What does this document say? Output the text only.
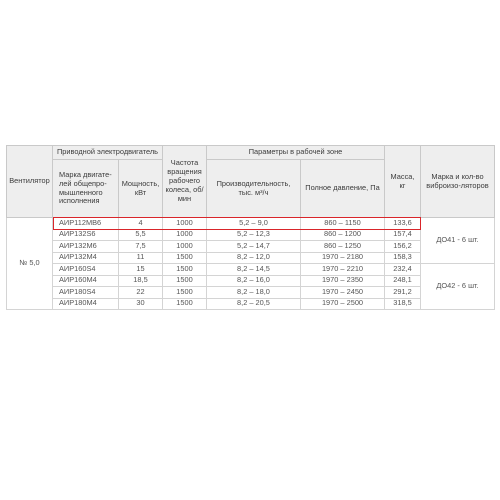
Вентилятор	Приводной электродвигатель		Частота вращения рабочего колеса, об/мин	Параметры в рабочей зоне		Масса, кг	Марка и кол-во виброизо-ляторов
	Марка двигате-лей общепро-мышленного исполнения	Мощность, кВт		Производительность, тыс. м³/ч	Полное давление, Па		
№ 5,0	АИР112МВ6	4	1000	5,2 – 9,0	860 – 1150	133,6	ДО41 - 6 шт.
	АИР132S6	5,5	1000	5,2 – 12,3	860 – 1200	157,4	
	АИР132М6	7,5	1000	5,2 – 14,7	860 – 1250	156,2	
	АИР132М4	11	1500	8,2 – 12,0	1970 – 2180	158,3	
	АИР160S4	15	1500	8,2 – 14,5	1970 – 2210	232,4	ДО42 - 6 шт.
	АИР160М4	18,5	1500	8,2 – 16,0	1970 – 2350	248,1	
	АИР180S4	22	1500	8,2 – 18,0	1970 – 2450	291,2	
	АИР180М4	30	1500	8,2 – 20,5	1970 – 2500	318,5	
